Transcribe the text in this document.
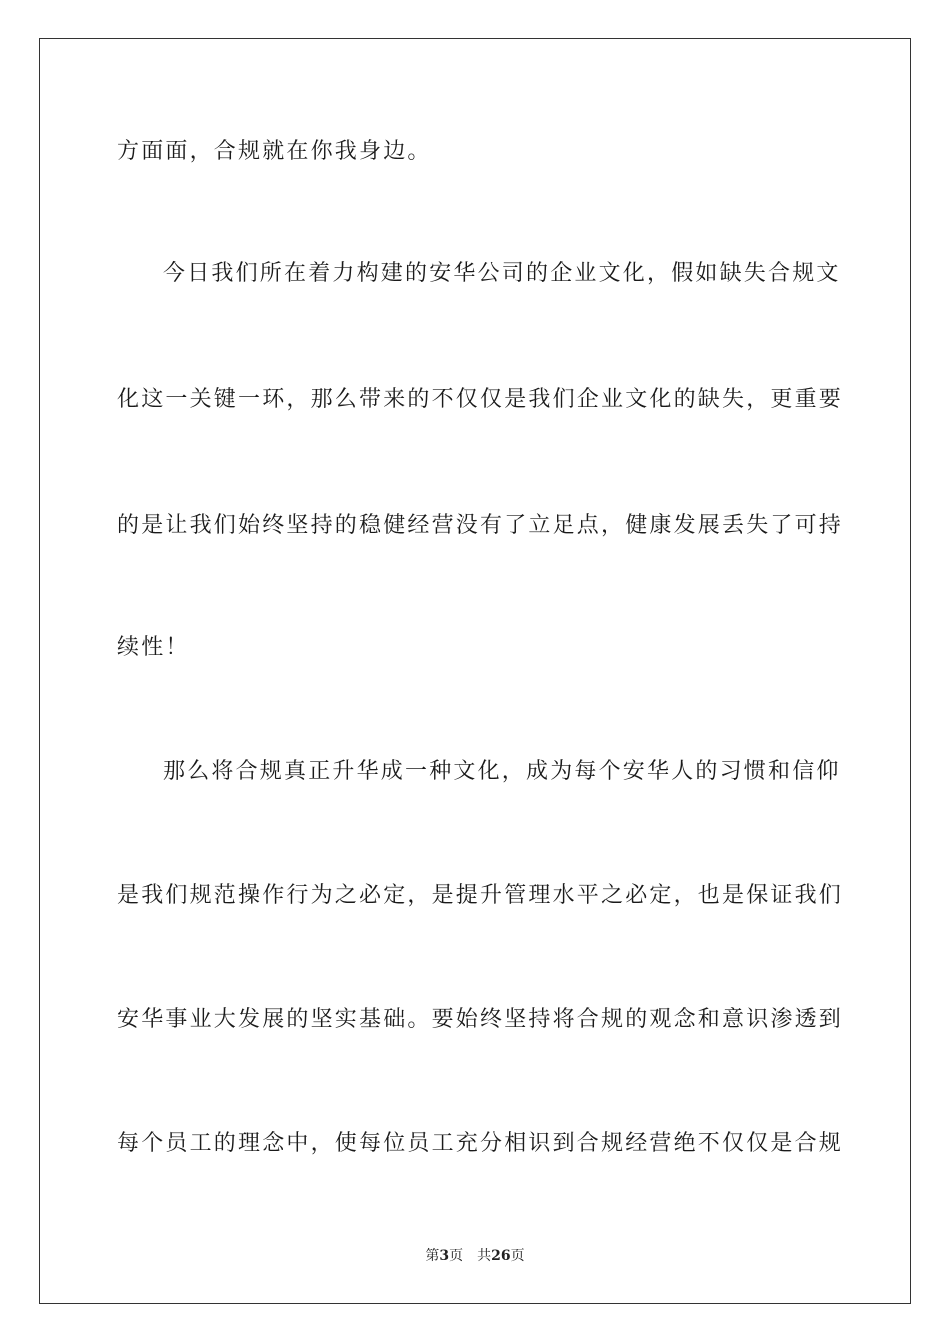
方面面，合规就在你我身边。
今日我们所在着力构建的安华公司的企业文化，假如缺失合规文
化这一关键一环，那么带来的不仅仅是我们企业文化的缺失，更重要
的是让我们始终坚持的稳健经营没有了立足点，健康发展丢失了可持
续性！
那么将合规真正升华成一种文化，成为每个安华人的习惯和信仰
是我们规范操作行为之必定，是提升管理水平之必定，也是保证我们
安华事业大发展的坚实基础。要始终坚持将合规的观念和意识渗透到
每个员工的理念中，使每位员工充分相识到合规经营绝不仅仅是合规
第3页 共26页
